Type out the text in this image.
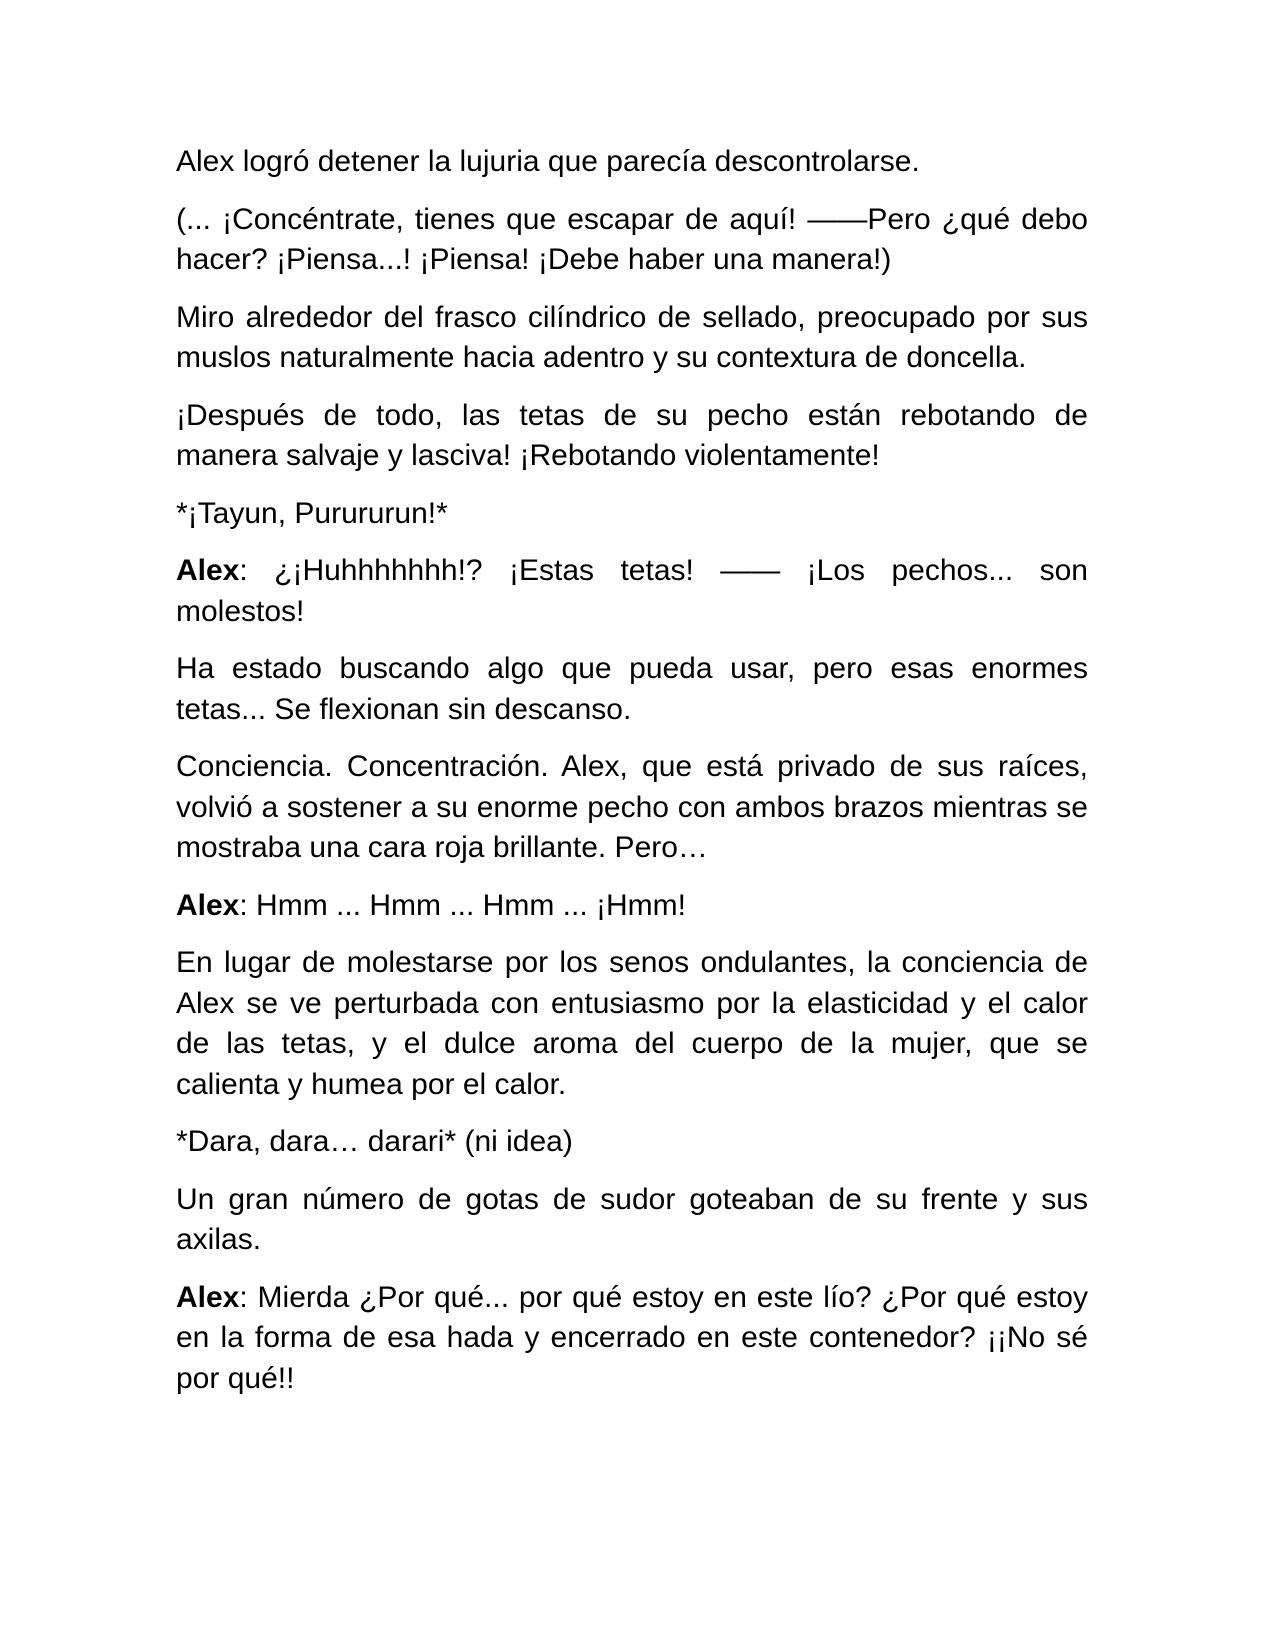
Alex logró detener la lujuria que parecía descontrolarse.

(... ¡Concéntrate, tienes que escapar de aquí! ——Pero ¿qué debo hacer? ¡Piensa...! ¡Piensa! ¡Debe haber una manera!)

Miro alrededor del frasco cilíndrico de sellado, preocupado por sus muslos naturalmente hacia adentro y su contextura de doncella.

¡Después de todo, las tetas de su pecho están rebotando de manera salvaje y lasciva! ¡Rebotando violentamente!

*¡Tayun, Purururun!*

Alex: ¿¡Huhhhhhhh!? ¡Estas tetas! —— ¡Los pechos... son molestos!

Ha estado buscando algo que pueda usar, pero esas enormes tetas... Se flexionan sin descanso.

Conciencia. Concentración. Alex, que está privado de sus raíces, volvió a sostener a su enorme pecho con ambos brazos mientras se mostraba una cara roja brillante. Pero…

Alex: Hmm ... Hmm ... Hmm ... ¡Hmm!

En lugar de molestarse por los senos ondulantes, la conciencia de Alex se ve perturbada con entusiasmo por la elasticidad y el calor de las tetas, y el dulce aroma del cuerpo de la mujer, que se calienta y humea por el calor.

*Dara, dara… darari* (ni idea)

Un gran número de gotas de sudor goteaban de su frente y sus axilas.

Alex: Mierda ¿Por qué... por qué estoy en este lío? ¿Por qué estoy en la forma de esa hada y encerrado en este contenedor? ¡¡No sé por qué!!
